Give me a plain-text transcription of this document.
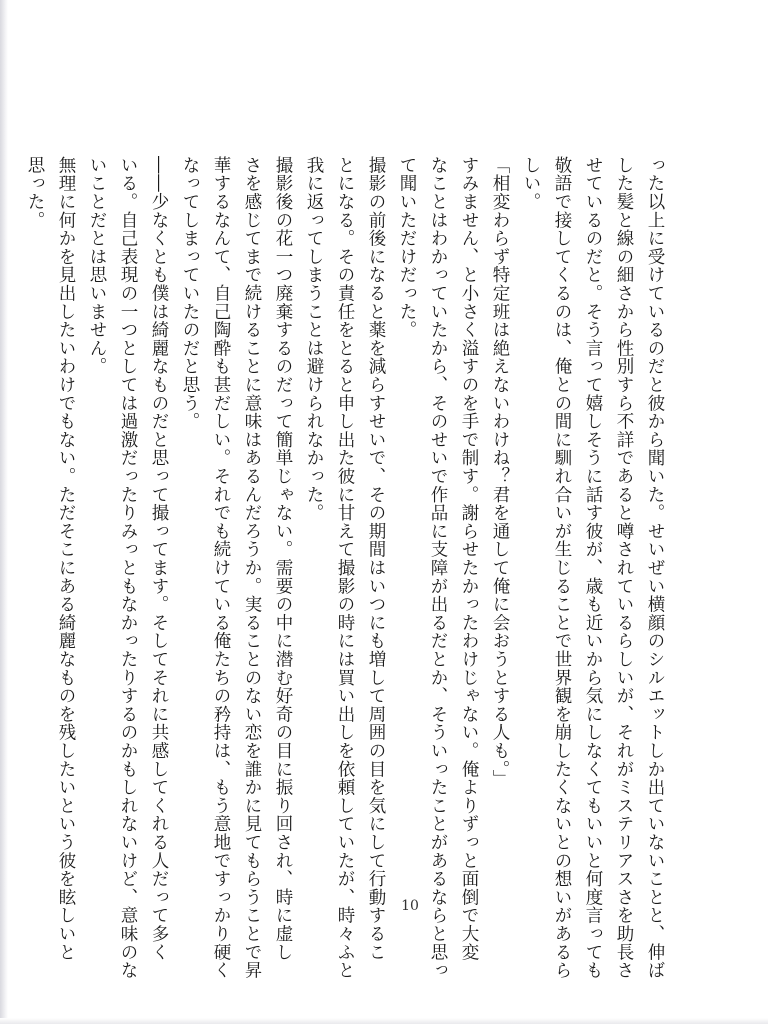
った以上に受けているのだと彼から聞いた。せいぜい横顔のシルエットしか出ていないことと、伸ば
した髪と線の細さから性別すら不詳であると噂されているらしいが、それがミステリアスさを助長さ
せているのだと。そう言って嬉しそうに話す彼が、歳も近いから気にしなくてもいいと何度言っても
敬語で接してくるのは、俺との間に馴れ合いが生じることで世界観を崩したくないとの想いがあるら
しい。
「相変わらず特定班は絶えないわけね？君を通して俺に会おうとする人も。」
すみません、と小さく溢すのを手で制す。謝らせたかったわけじゃない。俺よりずっと面倒で大変
なことはわかっていたから、そのせいで作品に支障が出るだとか、そういったことがあるならと思っ
て聞いただけだった。
撮影の前後になると薬を減らすせいで、その期間はいつにも増して周囲の目を気にして行動するこ
とになる。その責任をとると申し出た彼に甘えて撮影の時には買い出しを依頼していたが、時々ふと
我に返ってしまうことは避けられなかった。
撮影後の花一つ廃棄するのだって簡単じゃない。需要の中に潜む好奇の目に振り回され、時に虚し
さを感じてまで続けることに意味はあるんだろうか。実ることのない恋を誰かに見てもらうことで昇
華するなんて、自己陶酔も甚だしい。それでも続けている俺たちの矜持は、もう意地ですっかり硬く
なってしまっていたのだと思う。
――少なくとも僕は綺麗なものだと思って撮ってます。そしてそれに共感してくれる人だって多く
いる。自己表現の一つとしては過激だったりみっともなかったりするのかもしれないけど、意味のな
いことだとは思いません。
無理に何かを見出したいわけでもない。ただそこにある綺麗なものを残したいという彼を眩しいと
思った。
10
